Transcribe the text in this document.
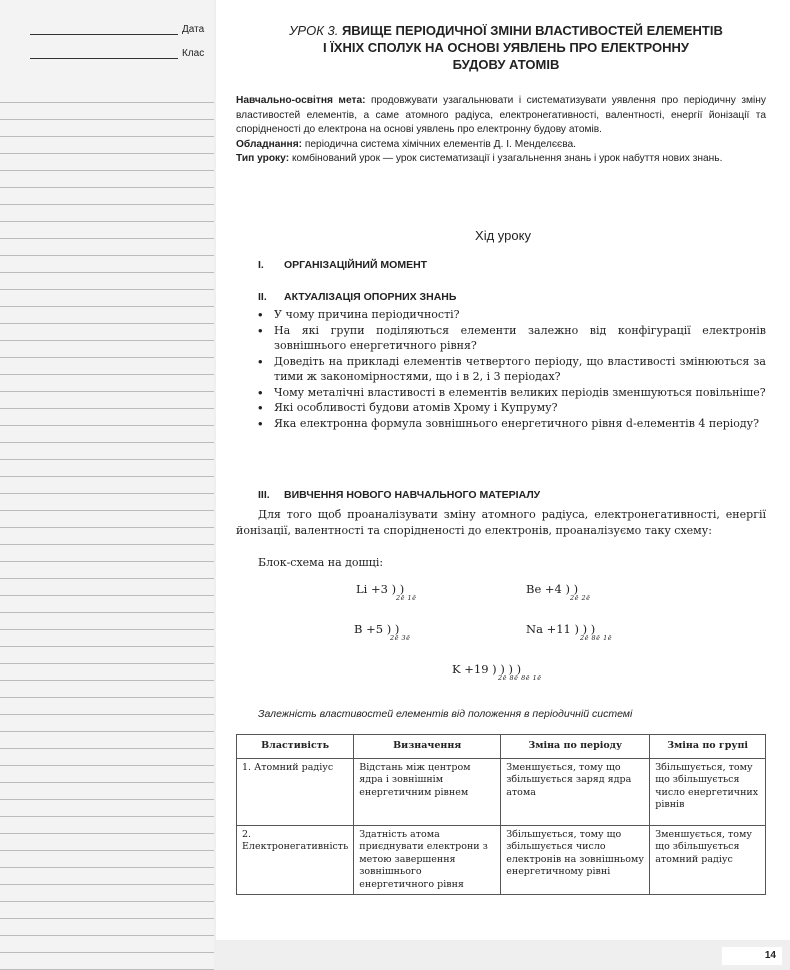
Дата
Клас
УРОК 3. ЯВИЩЕ ПЕРІОДИЧНОЇ ЗМІНИ ВЛАСТИВОСТЕЙ ЕЛЕМЕНТІВ
І ЇХНІХ СПОЛУК НА ОСНОВІ УЯВЛЕНЬ ПРО ЕЛЕКТРОННУ
БУДОВУ АТОМІВ

Навчально-освітня мета: продовжувати узагальнювати і систематизувати уявлення про періодичну зміну властивостей елементів, а саме атомного радіуса, електронегативності, валентності, енергії йонізації та спорідненості до електрона на основі уявлень про електронну будову атомів.

Обладнання: періодична система хімічних елементів Д. І. Менделєєва.

Тип уроку: комбінований урок — урок систематизації і узагальнення знань і урок набуття нових знань.

Хід уроку
I. ОРГАНІЗАЦІЙНИЙ МОМЕНТ
II. АКТУАЛІЗАЦІЯ ОПОРНИХ ЗНАНЬ
• У чому причина періодичності?
• На які групи поділяються елементи залежно від конфігурації електронів зовнішнього енергетичного рівня?
• Доведіть на прикладі елементів четвертого періоду, що властивості змінюються за тими ж закономірностями, що і в 2, і 3 періодах?
• Чому металічні властивості в елементів великих періодів зменшуються повільніше?
• Які особливості будови атомів Хрому і Купруму?
• Яка електронна формула зовнішнього енергетичного рівня d-елементів 4 періоду?
III. ВИВЧЕННЯ НОВОГО НАВЧАЛЬНОГО МАТЕРІАЛУ

Для того щоб проаналізувати зміну атомного радіуса, електронегативності, енергії йонізації, валентності та спорідненості до електронів, проаналізуємо таку схему:

Блок-схема на дошці:
Li +3 ) )
2ē 1ē
Be +4 ) )
2ē 2ē
B +5 ) )
2ē 3ē
Na +11 ) ) )
2ē 8ē 1ē
K +19 ) ) ) )
2ē 8ē 8ē 1ē
Залежність властивостей елементів від положення в періодичній системі
Властивість	Визначення	Зміна по періоду	Зміна по групі
1. Атомний радіус	Відстань між центром ядра і зовнішнім енергетичним рівнем	Зменшується, тому що збільшується заряд ядра атома	Збільшується, тому що збільшується число енергетичних рівнів
2. Електронегативність	Здатність атома приєднувати електрони з метою завершення зовнішнього енергетичного рівня	Збільшується, тому що збільшується число електронів на зовнішньому енергетичному рівні	Зменшується, тому що збільшується атомний радіус
14
